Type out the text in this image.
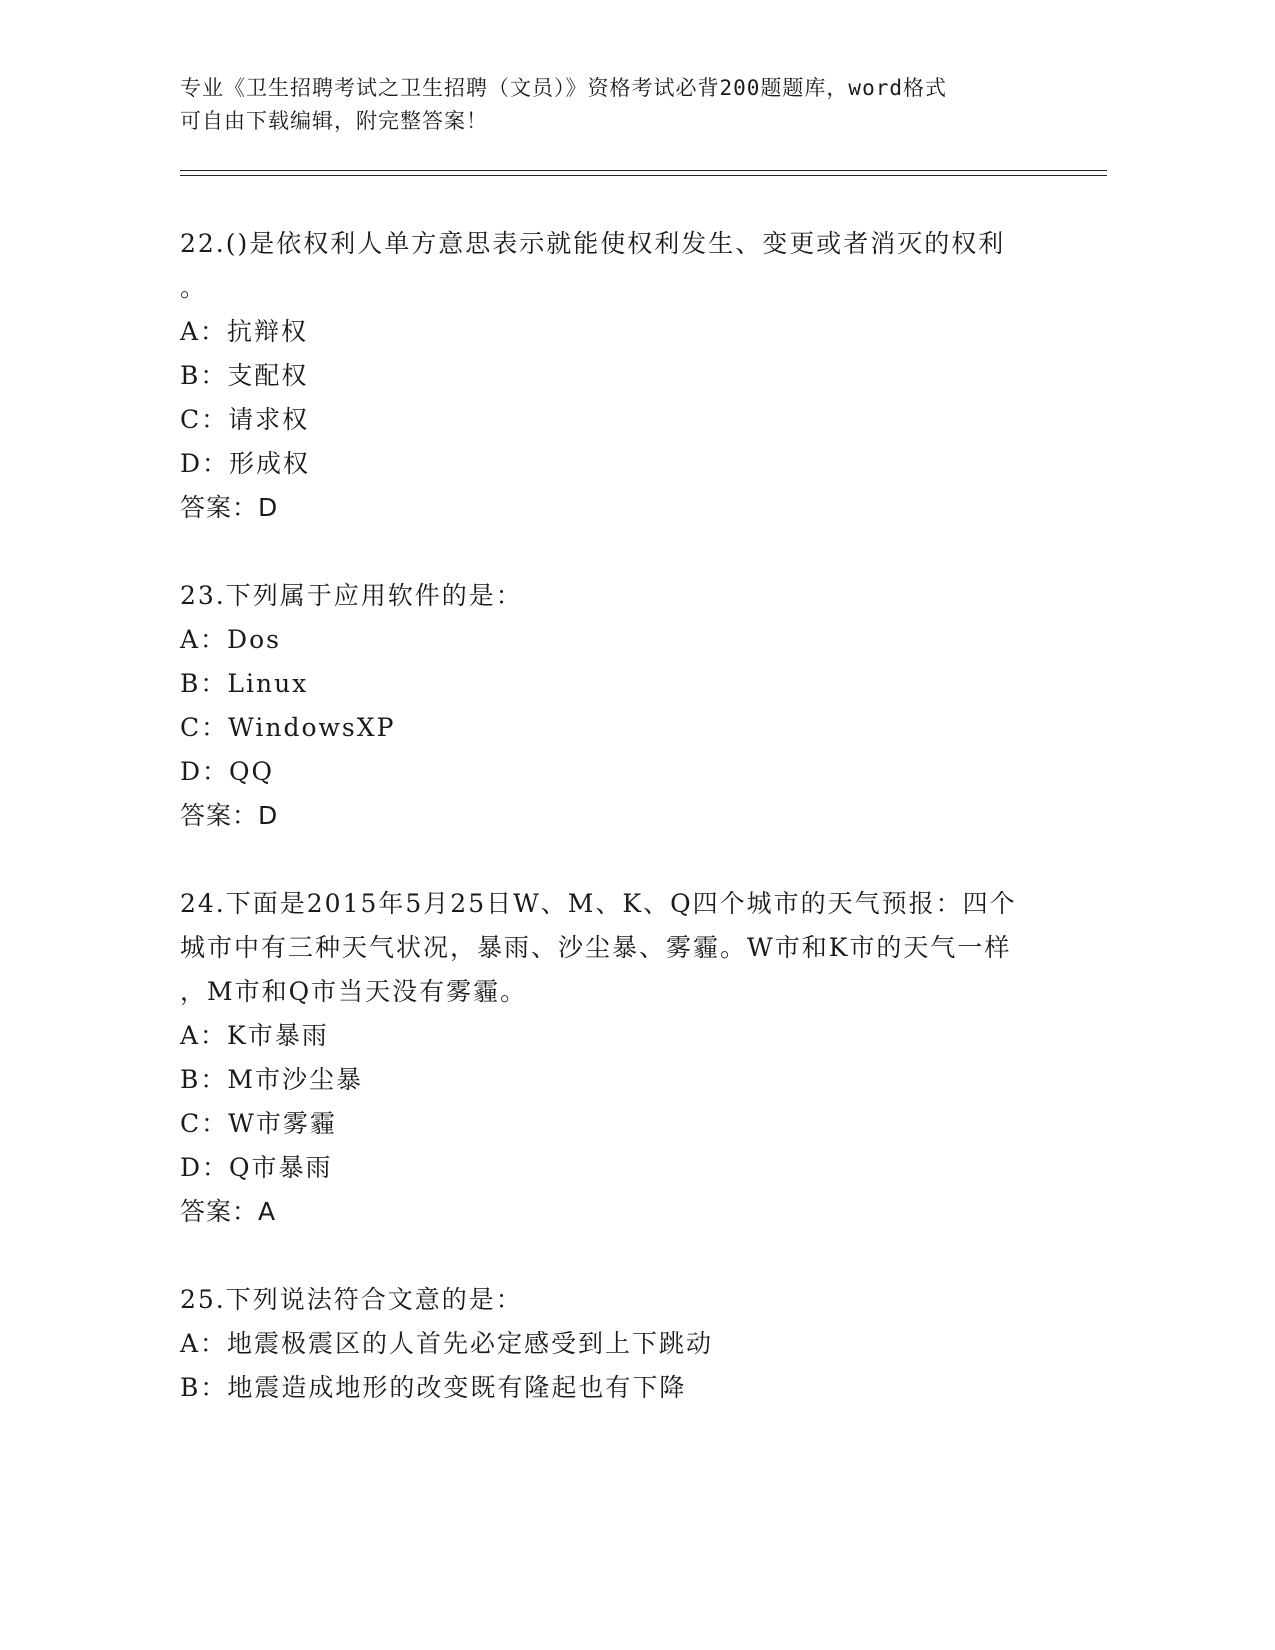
专业《卫生招聘考试之卫生招聘（文员）》资格考试必背200题题库，word格式
可自由下载编辑，附完整答案！
22.()是依权利人单方意思表示就能使权利发生、变更或者消灭的权利
。
A：抗辩权
B：支配权
C：请求权
D：形成权
答案：D
23.下列属于应用软件的是：
A：Dos
B：Linux
C：WindowsXP
D：QQ
答案：D
24.下面是2015年5月25日W、M、K、Q四个城市的天气预报：四个
城市中有三种天气状况，暴雨、沙尘暴、雾霾。W市和K市的天气一样
，M市和Q市当天没有雾霾。
A：K市暴雨
B：M市沙尘暴
C：W市雾霾
D：Q市暴雨
答案：A
25.下列说法符合文意的是：
A：地震极震区的人首先必定感受到上下跳动
B：地震造成地形的改变既有隆起也有下降
